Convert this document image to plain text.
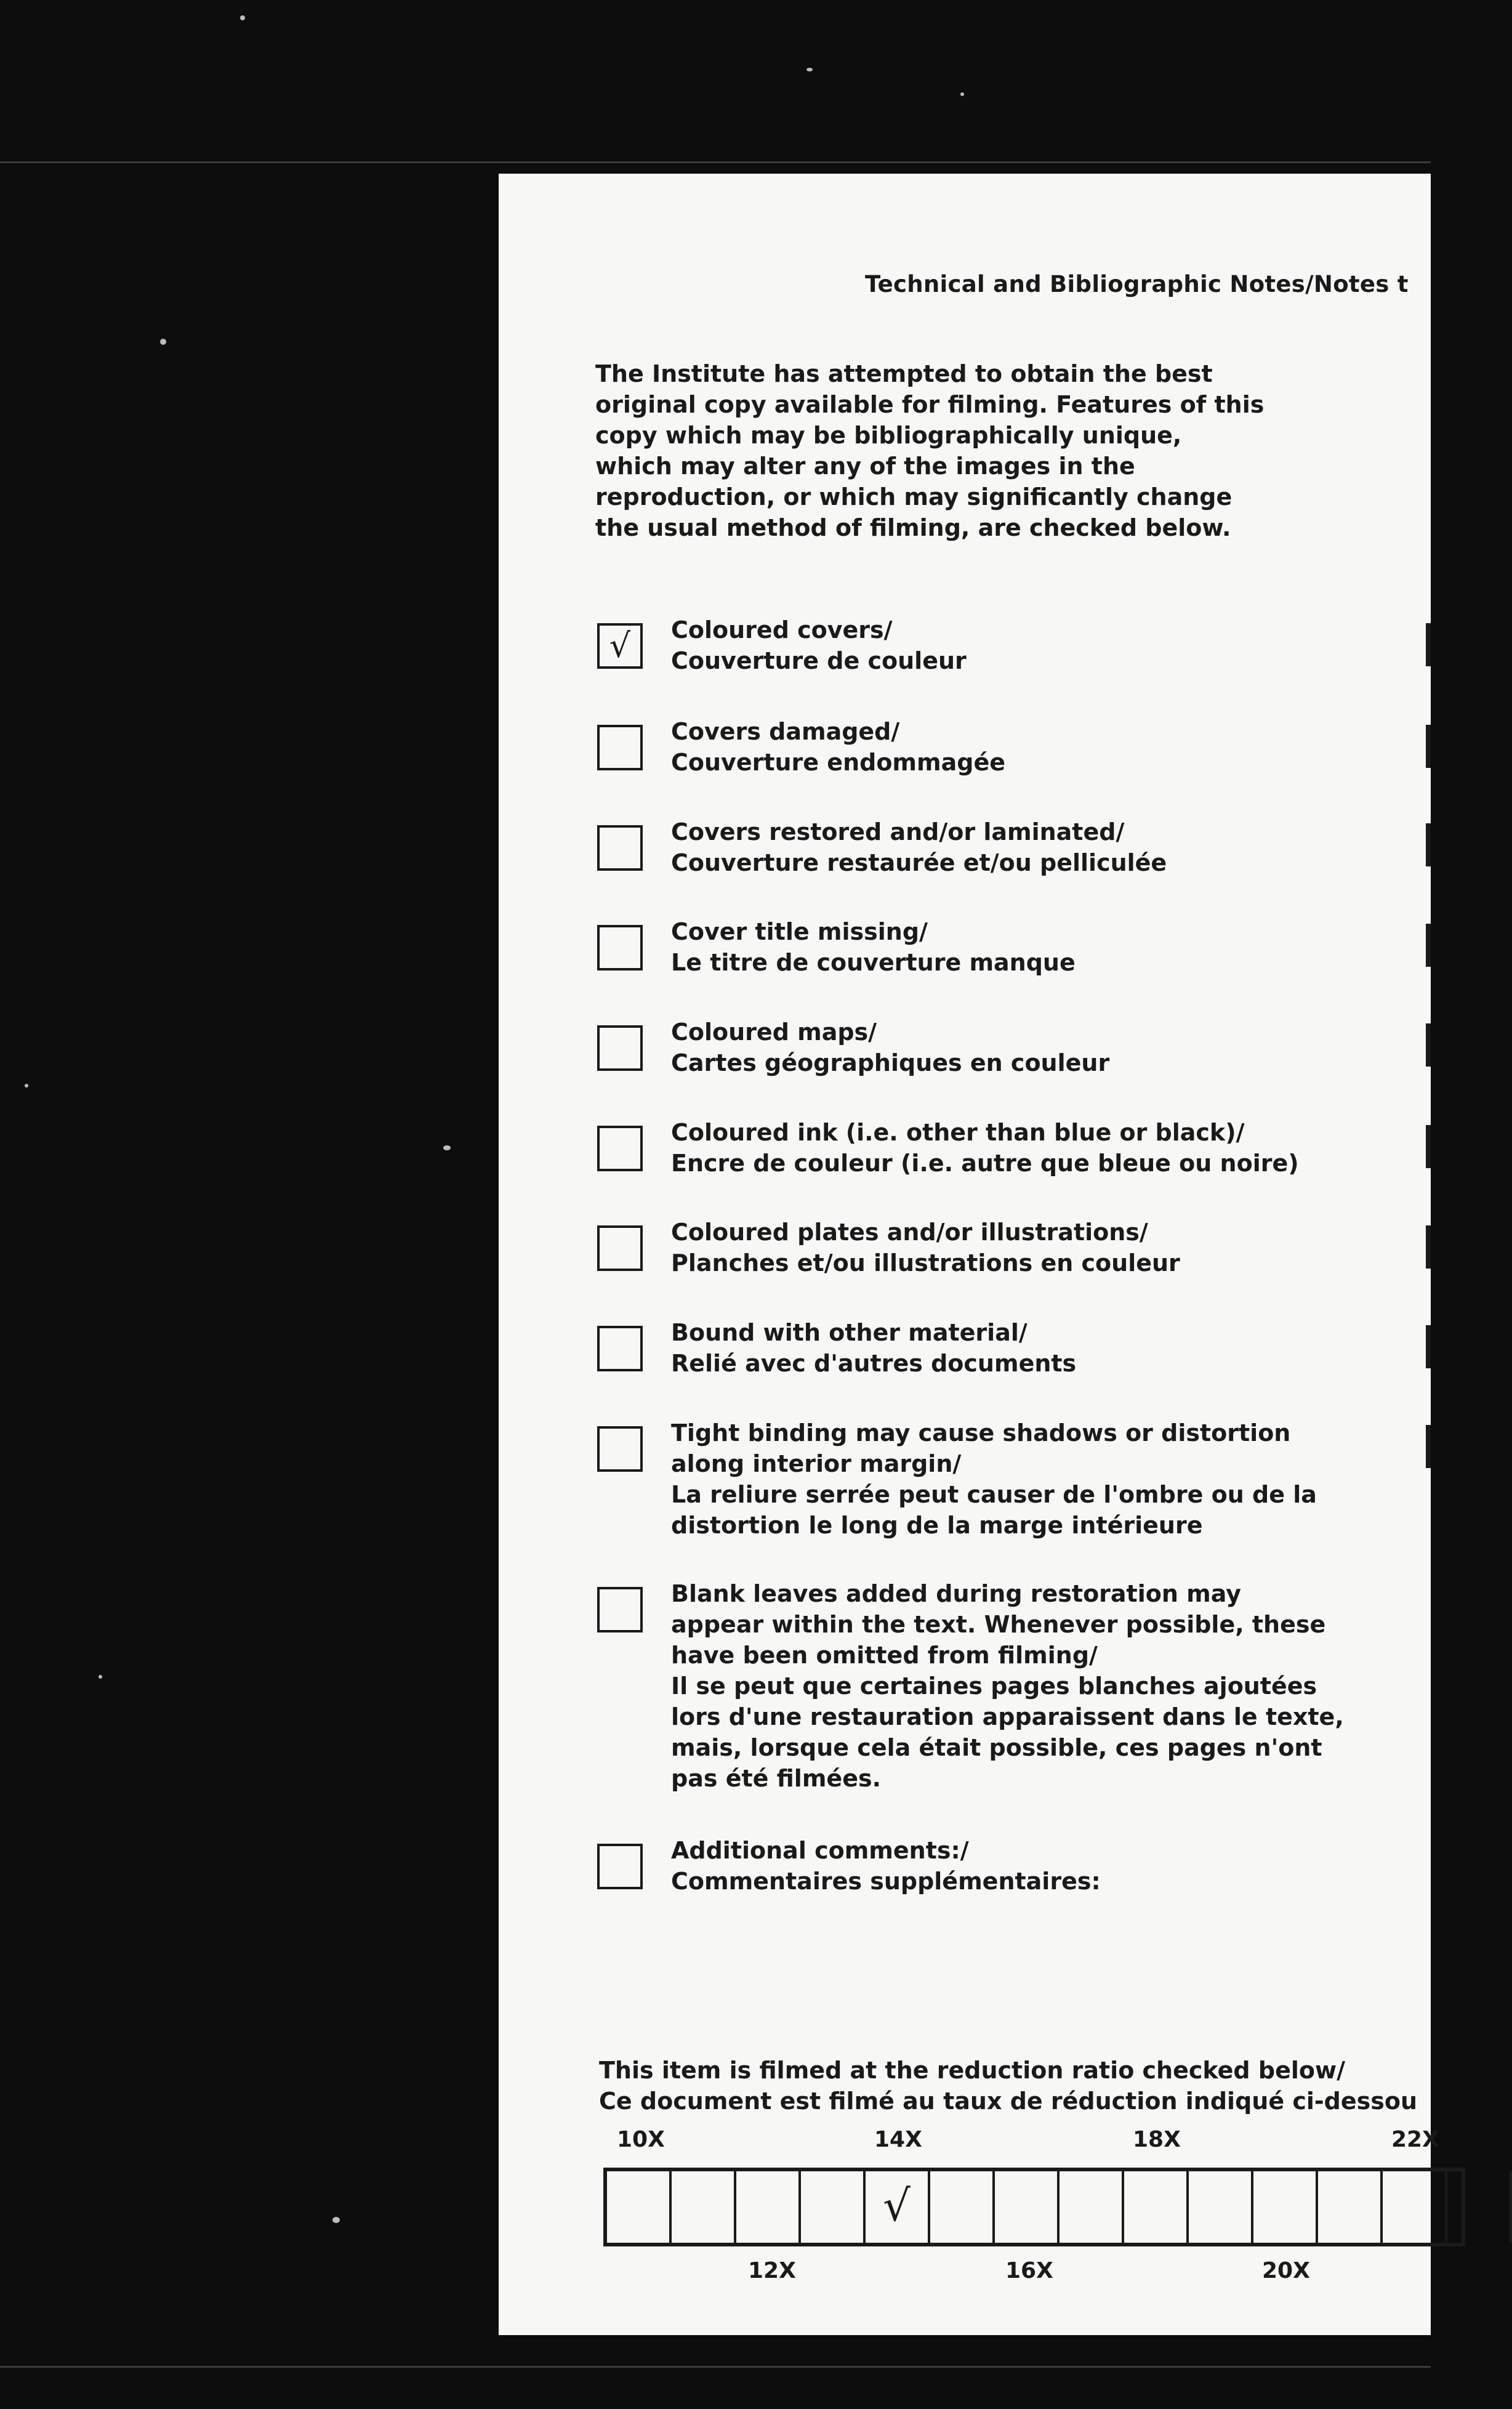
Technical and Bibliographic Notes/Notes t
The Institute has attempted to obtain the best
original copy available for filming. Features of this
copy which may be bibliographically unique,
which may alter any of the images in the
reproduction, or which may significantly change
the usual method of filming, are checked below.
√	Coloured covers/
Couverture de couleur
Covers damaged/
Couverture endommagée
Covers restored and/or laminated/
Couverture restaurée et/ou pelliculée
Cover title missing/
Le titre de couverture manque
Coloured maps/
Cartes géographiques en couleur
Coloured ink (i.e. other than blue or black)/
Encre de couleur (i.e. autre que bleue ou noire)
Coloured plates and/or illustrations/
Planches et/ou illustrations en couleur
Bound with other material/
Relié avec d'autres documents
Tight binding may cause shadows or distortion
along interior margin/
La reliure serrée peut causer de l'ombre ou de la
distortion le long de la marge intérieure
Blank leaves added during restoration may
appear within the text. Whenever possible, these
have been omitted from filming/
Il se peut que certaines pages blanches ajoutées
lors d'une restauration apparaissent dans le texte,
mais, lorsque cela était possible, ces pages n'ont
pas été filmées.
Additional comments:/
Commentaires supplémentaires:
This item is filmed at the reduction ratio checked below/
Ce document est filmé au taux de réduction indiqué ci-dessou
10X	14X	18X	22X
√
12X	16X	20X
